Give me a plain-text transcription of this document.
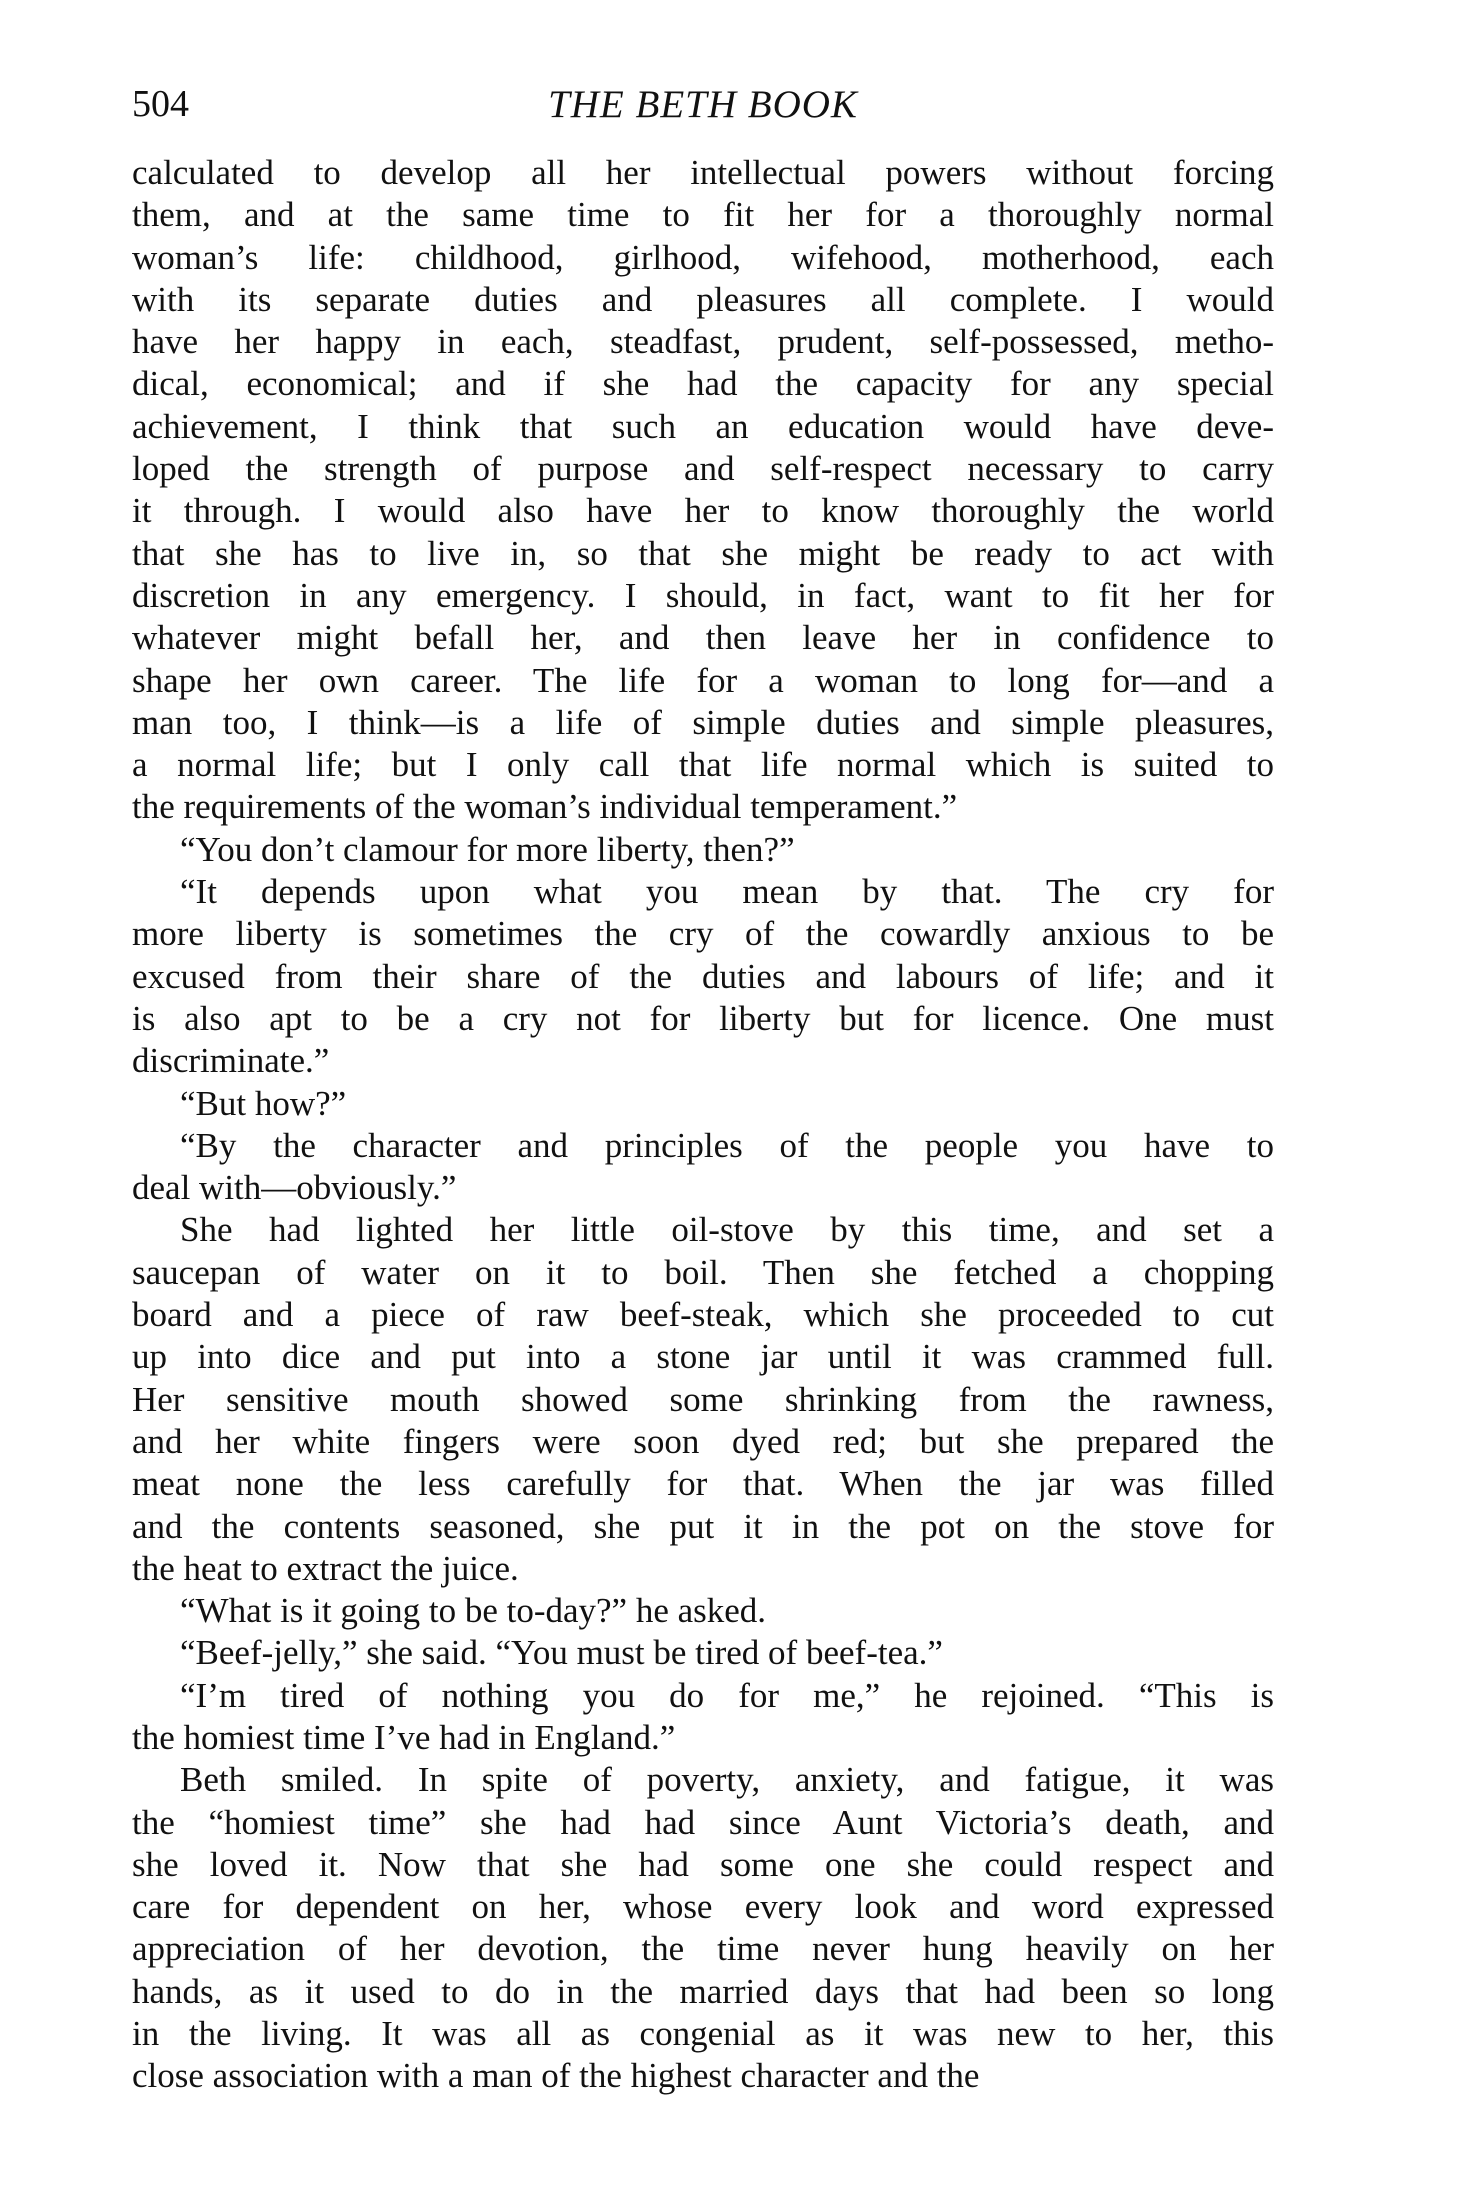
504	THE BETH BOOK
calculated to develop all her intellectual powers without forcing
them, and at the same time to fit her for a thoroughly normal
woman’s life: childhood, girlhood, wifehood, motherhood, each
with its separate duties and pleasures all complete. I would
have her happy in each, steadfast, prudent, self-possessed, metho-
dical, economical; and if she had the capacity for any special
achievement, I think that such an education would have deve-
loped the strength of purpose and self-respect necessary to carry
it through. I would also have her to know thoroughly the world
that she has to live in, so that she might be ready to act with
discretion in any emergency. I should, in fact, want to fit her for
whatever might befall her, and then leave her in confidence to
shape her own career. The life for a woman to long for—and a
man too, I think—is a life of simple duties and simple pleasures,
a normal life; but I only call that life normal which is suited to
the requirements of the woman’s individual temperament.”
“You don’t clamour for more liberty, then?”
“It depends upon what you mean by that. The cry for
more liberty is sometimes the cry of the cowardly anxious to be
excused from their share of the duties and labours of life; and it
is also apt to be a cry not for liberty but for licence. One must
discriminate.”
“But how?”
“By the character and principles of the people you have to
deal with—obviously.”
She had lighted her little oil-stove by this time, and set a
saucepan of water on it to boil. Then she fetched a chopping
board and a piece of raw beef-steak, which she proceeded to cut
up into dice and put into a stone jar until it was crammed full.
Her sensitive mouth showed some shrinking from the rawness,
and her white fingers were soon dyed red; but she prepared the
meat none the less carefully for that. When the jar was filled
and the contents seasoned, she put it in the pot on the stove for
the heat to extract the juice.
“What is it going to be to-day?” he asked.
“Beef-jelly,” she said. “You must be tired of beef-tea.”
“I’m tired of nothing you do for me,” he rejoined. “This is
the homiest time I’ve had in England.”
Beth smiled. In spite of poverty, anxiety, and fatigue, it was
the “homiest time” she had had since Aunt Victoria’s death, and
she loved it. Now that she had some one she could respect and
care for dependent on her, whose every look and word expressed
appreciation of her devotion, the time never hung heavily on her
hands, as it used to do in the married days that had been so long
in the living. It was all as congenial as it was new to her, this
close association with a man of the highest character and the
